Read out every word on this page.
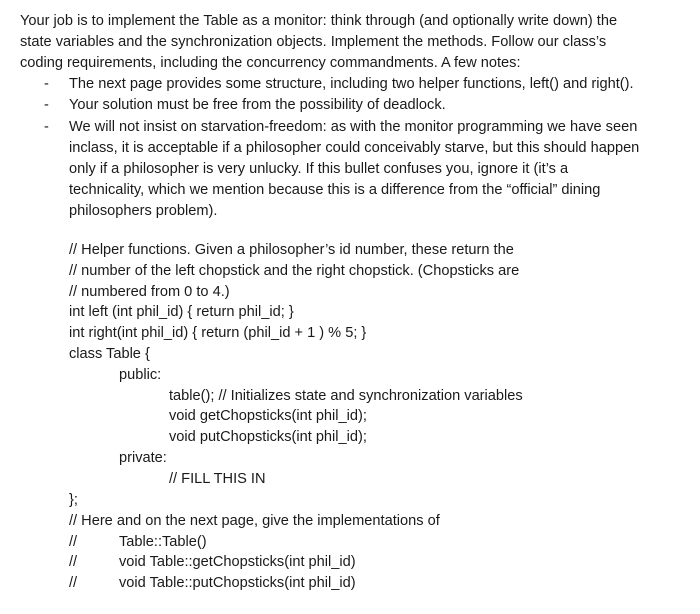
Your job is to implement the Table as a monitor: think through (and optionally write down) the
state variables and the synchronization objects. Implement the methods. Follow our class’s
coding requirements, including the concurrency commandments. A few notes:
- The next page provides some structure, including two helper functions, left() and right().
- Your solution must be free from the possibility of deadlock.
- We will not insist on starvation-freedom: as with the monitor programming we have seen
inclass, it is acceptable if a philosopher could conceivably starve, but this should happen
only if a philosopher is very unlucky. If this bullet confuses you, ignore it (it’s a
technicality, which we mention because this is a difference from the “official” dining
philosophers problem).
// Helper functions. Given a philosopher’s id number, these return the
// number of the left chopstick and the right chopstick. (Chopsticks are
// numbered from 0 to 4.)
int left (int phil_id) { return phil_id; }
int right(int phil_id) { return (phil_id + 1 ) % 5; }
class Table {
public:
table(); // Initializes state and synchronization variables
void getChopsticks(int phil_id);
void putChopsticks(int phil_id);
private:
// FILL THIS IN
};
// Here and on the next page, give the implementations of
//	Table::Table()
//	void Table::getChopsticks(int phil_id)
//	void Table::putChopsticks(int phil_id)
